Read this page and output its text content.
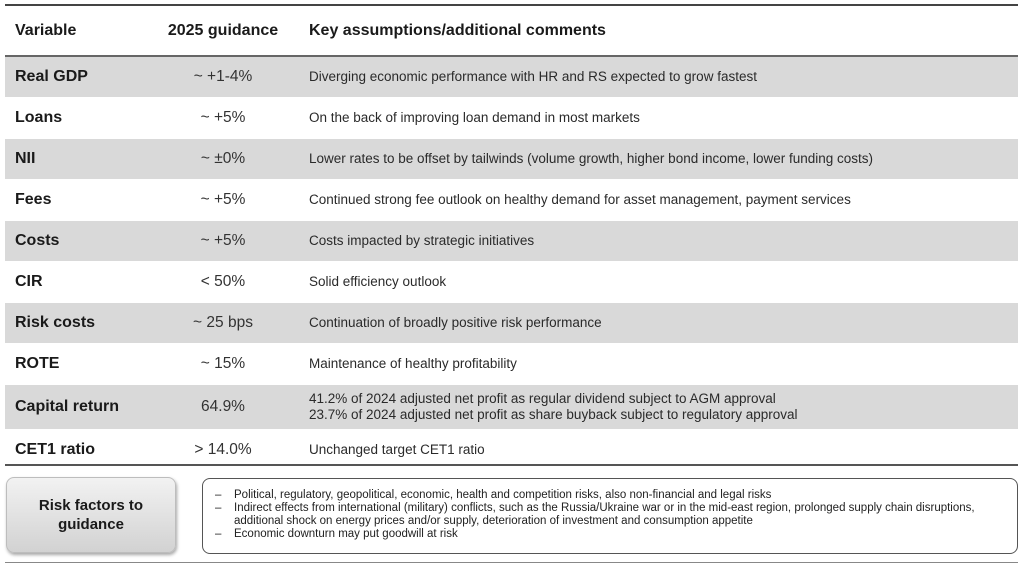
Variable	2025 guidance	Key assumptions/additional comments
Real GDP	~ +1-4%	Diverging economic performance with HR and RS expected to grow fastest
Loans	~ +5%	On the back of improving loan demand in most markets
NII	~ ±0%	Lower rates to be offset by tailwinds (volume growth, higher bond income, lower funding costs)
Fees	~ +5%	Continued strong fee outlook on healthy demand for asset management, payment services
Costs	~ +5%	Costs impacted by strategic initiatives
CIR	< 50%	Solid efficiency outlook
Risk costs	~ 25 bps	Continuation of broadly positive risk performance
ROTE	~ 15%	Maintenance of healthy profitability
Capital return	64.9%	41.2% of 2024 adjusted net profit as regular dividend subject to AGM approval
23.7% of 2024 adjusted net profit as share buyback subject to regulatory approval
CET1 ratio	> 14.0%	Unchanged target CET1 ratio
Risk factors to guidance
–	Political, regulatory, geopolitical, economic, health and competition risks, also non-financial and legal risks
–	Indirect effects from international (military) conflicts, such as the Russia/Ukraine war or in the mid-east region, prolonged supply chain disruptions, additional shock on energy prices and/or supply, deterioration of investment and consumption appetite
–	Economic downturn may put goodwill at risk
